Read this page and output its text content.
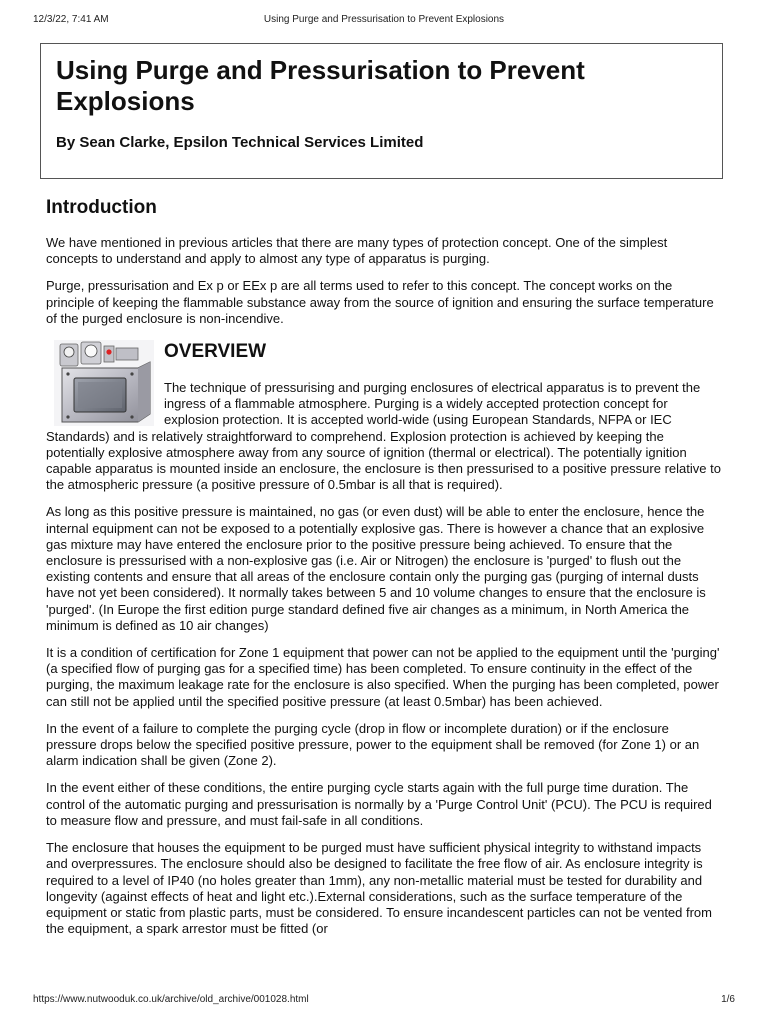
12/3/22, 7:41 AM	Using Purge and Pressurisation to Prevent Explosions
Using Purge and Pressurisation to Prevent Explosions
By Sean Clarke, Epsilon Technical Services Limited
Introduction

We have mentioned in previous articles that there are many types of protection concept. One of the simplest concepts to understand and apply to almost any type of apparatus is purging.

Purge, pressurisation and Ex p or EEx p are all terms used to refer to this concept. The concept works on the principle of keeping the flammable substance away from the source of ignition and ensuring the surface temperature of the purged enclosure is non-incendive.

OVERVIEW

The technique of pressurising and purging enclosures of electrical apparatus is to prevent the ingress of a flammable atmosphere. Purging is a widely accepted protection concept for explosion protection. It is accepted world-wide (using European Standards, NFPA or IEC Standards) and is relatively straightforward to comprehend. Explosion protection is achieved by keeping the potentially explosive atmosphere away from any source of ignition (thermal or electrical). The potentially ignition capable apparatus is mounted inside an enclosure, the enclosure is then pressurised to a positive pressure relative to the atmospheric pressure (a positive pressure of 0.5mbar is all that is required).

As long as this positive pressure is maintained, no gas (or even dust) will be able to enter the enclosure, hence the internal equipment can not be exposed to a potentially explosive gas. There is however a chance that an explosive gas mixture may have entered the enclosure prior to the positive pressure being achieved. To ensure that the enclosure is pressurised with a non-explosive gas (i.e. Air or Nitrogen) the enclosure is 'purged' to flush out the existing contents and ensure that all areas of the enclosure contain only the purging gas (purging of internal dusts have not yet been considered). It normally takes between 5 and 10 volume changes to ensure that the enclosure is 'purged'. (In Europe the first edition purge standard defined five air changes as a minimum, in North America the minimum is defined as 10 air changes)

It is a condition of certification for Zone 1 equipment that power can not be applied to the equipment until the 'purging' (a specified flow of purging gas for a specified time) has been completed. To ensure continuity in the effect of the purging, the maximum leakage rate for the enclosure is also specified. When the purging has been completed, power can still not be applied until the specified positive pressure (at least 0.5mbar) has been achieved.

In the event of a failure to complete the purging cycle (drop in flow or incomplete duration) or if the enclosure pressure drops below the specified positive pressure, power to the equipment shall be removed (for Zone 1) or an alarm indication shall be given (Zone 2).

In the event either of these conditions, the entire purging cycle starts again with the full purge time duration. The control of the automatic purging and pressurisation is normally by a 'Purge Control Unit' (PCU). The PCU is required to measure flow and pressure, and must fail-safe in all conditions.

The enclosure that houses the equipment to be purged must have sufficient physical integrity to withstand impacts and overpressures. The enclosure should also be designed to facilitate the free flow of air. As enclosure integrity is required to a level of IP40 (no holes greater than 1mm), any non-metallic material must be tested for durability and longevity (against effects of heat and light etc.).External considerations, such as the surface temperature of the equipment or static from plastic parts, must be considered. To ensure incandescent particles can not be vented from the equipment, a spark arrestor must be fitted (or

https://www.nutwooduk.co.uk/archive/old_archive/001028.html	1/6
